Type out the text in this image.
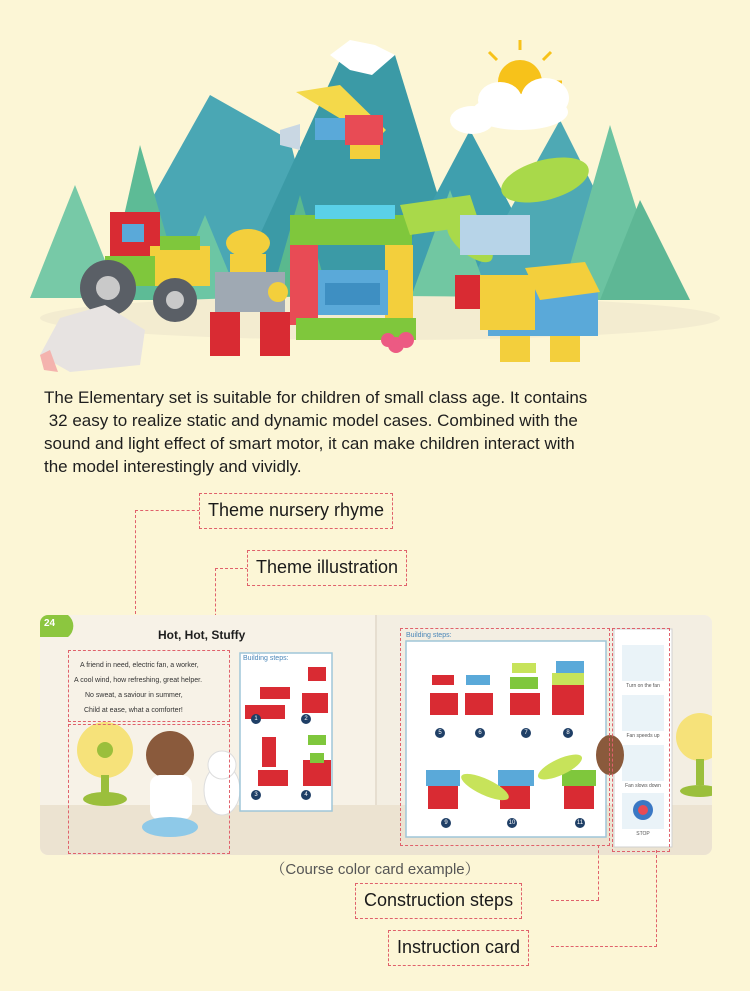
The Elementary set is suitable for children of small class age. It contains

32 easy to realize static and dynamic model cases. Combined with the

sound and light effect of smart motor, it can make children interact with

the model interestingly and vividly.

Theme nursery rhyme
Theme illustration
24
Hot, Hot, Stuffy
A friend in need, electric fan, a worker,
A cool wind, how refreshing, great helper.
No sweat, a saviour in summer,
Child at ease, what a comforter!
Building steps:
Building steps:
Turn on the fan
Fan speeds up
Fan slows down
STOP
1	2
3	4
5	6	7	8
9	10	11
（Course color card example）
Construction steps
Instruction card
